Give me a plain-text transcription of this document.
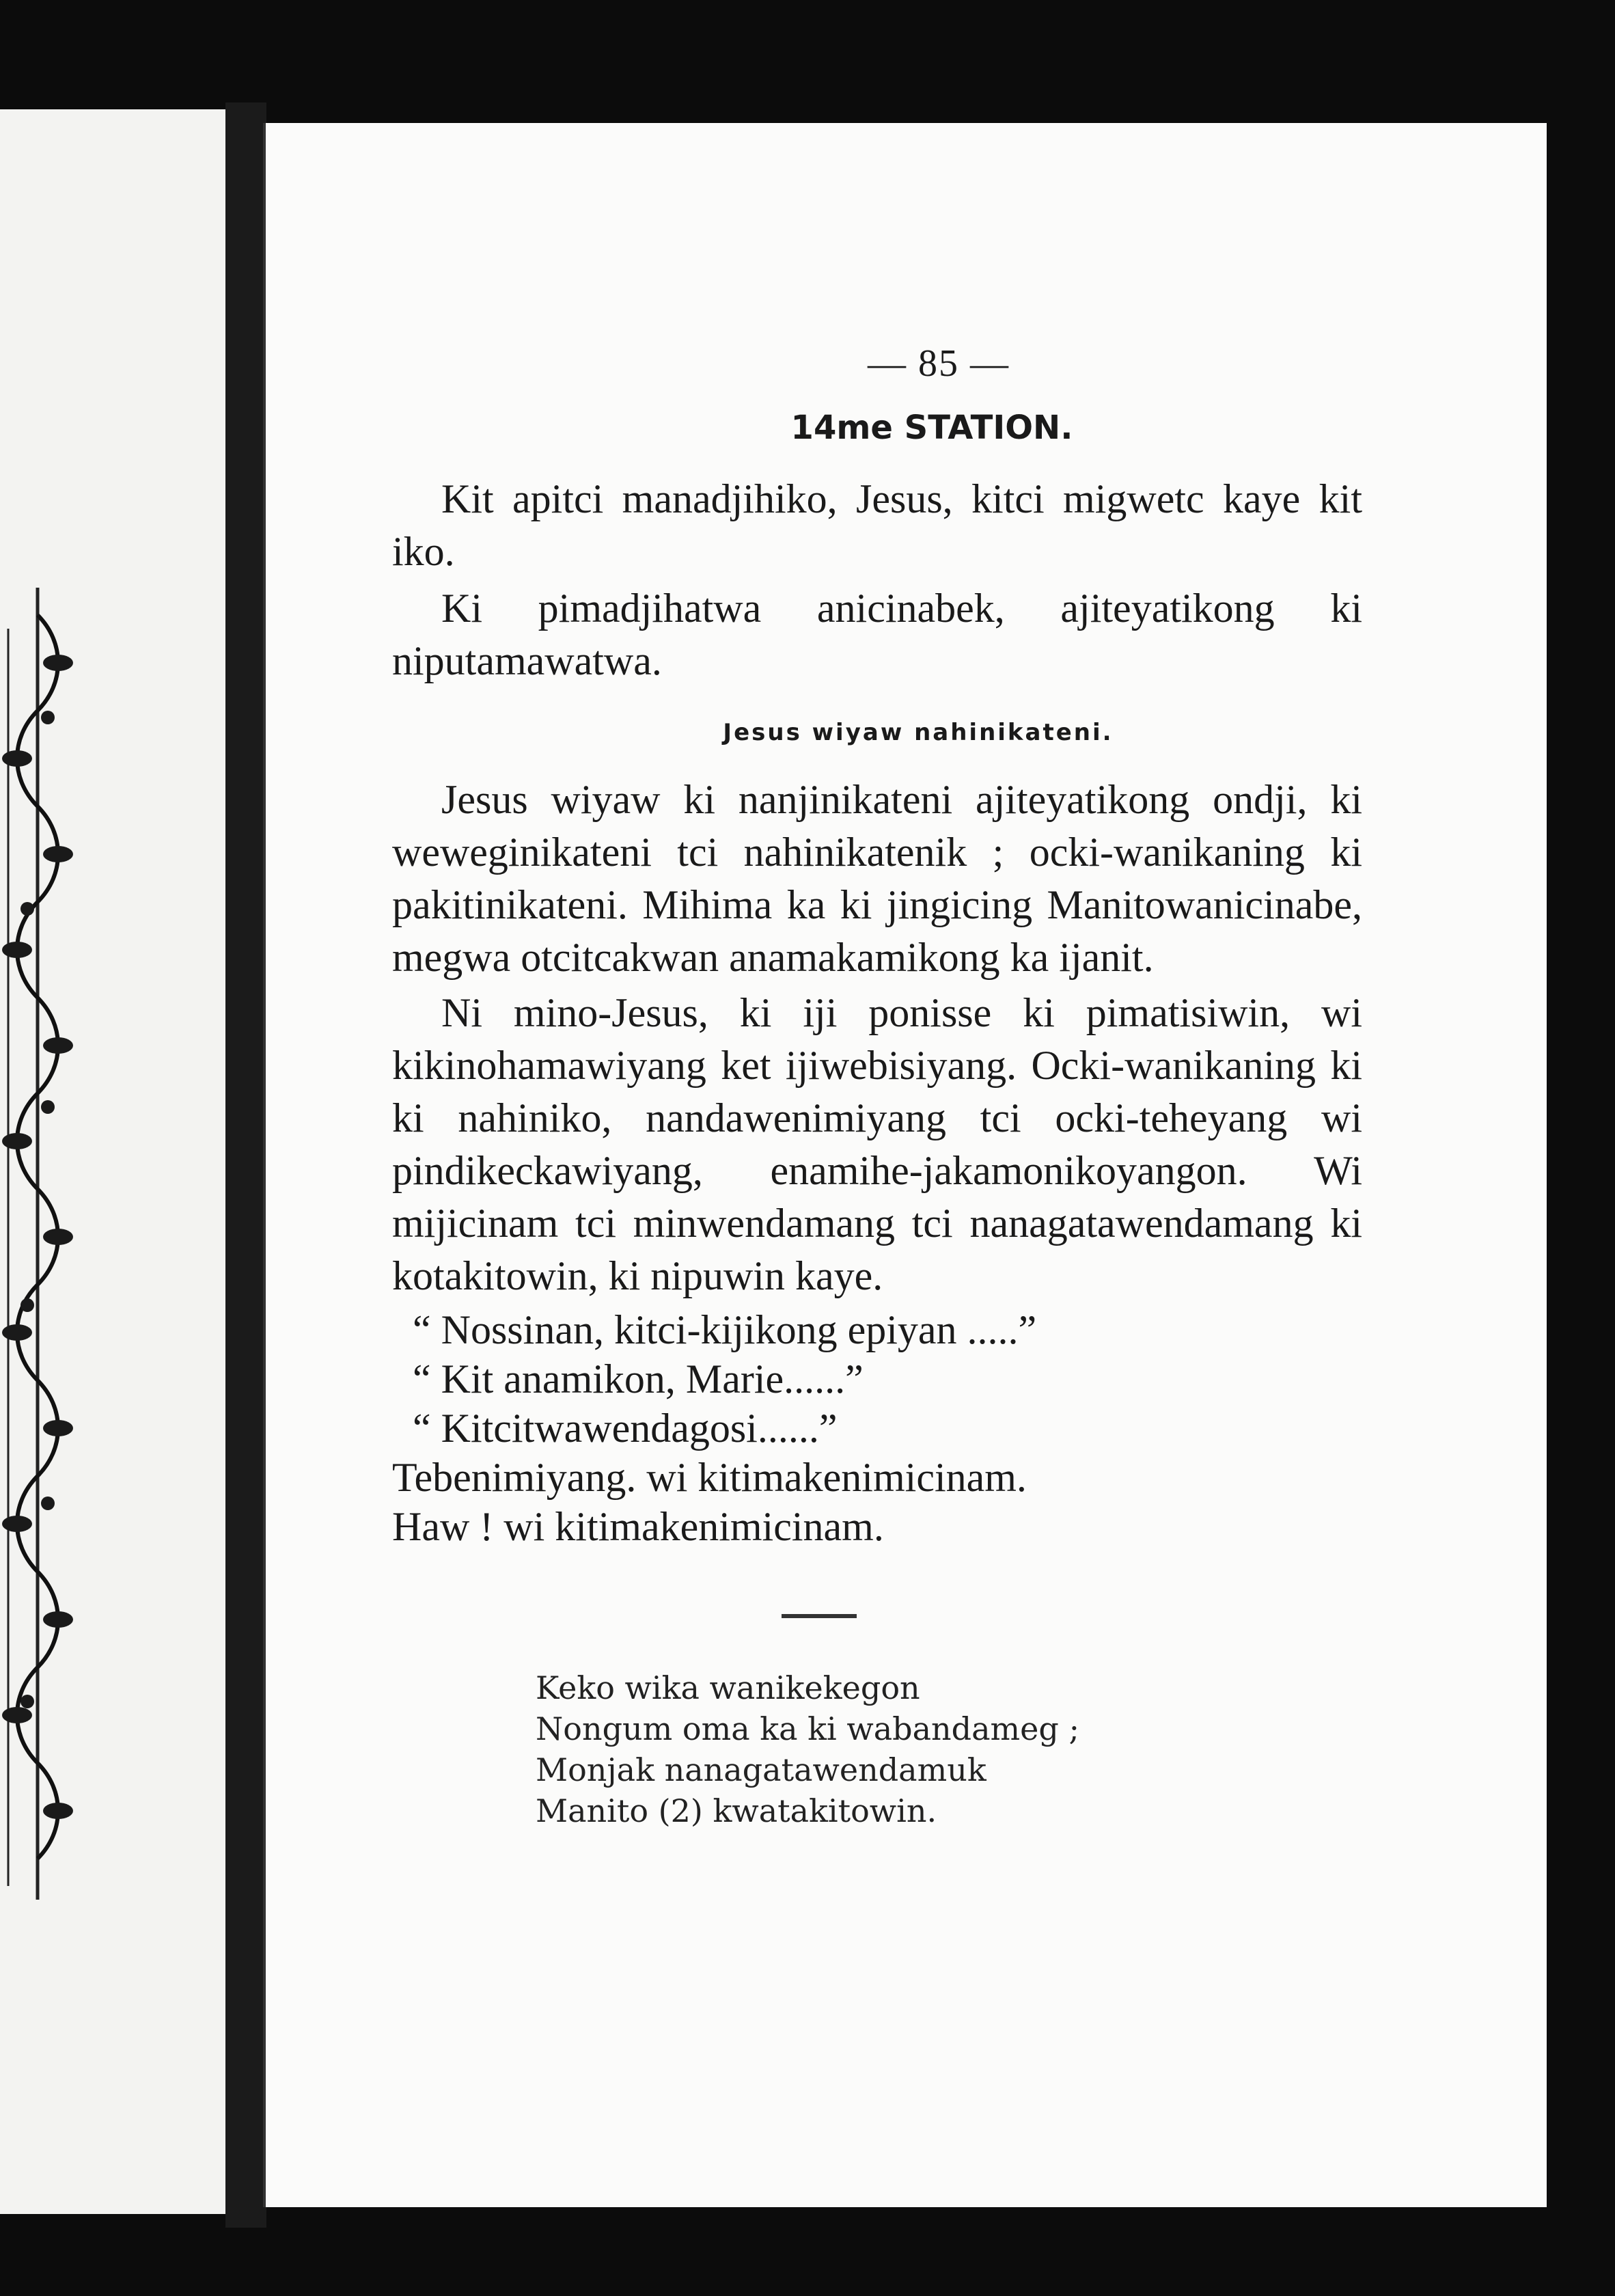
— 85 —

14me STATION.

Kit apitci manadjihiko, Jesus, kitci migwetc kaye kit iko.

Ki pimadjihatwa anicinabek, ajiteyatikong ki niputamawatwa.

Jesus wiyaw nahinikateni.

Jesus wiyaw ki nanjinikateni ajiteyatikong ondji, ki weweginikateni tci nahinikatenik ; ocki-wanikaning ki pakitinikateni. Mihima ka ki jingicing Manitowanicinabe, megwa otcitcakwan anamakamikong ka ijanit.

Ni mino-Jesus, ki iji ponisse ki pimatisiwin, wi kikinohamawiyang ket ijiwebisiyang. Ocki-wanikaning ki ki nahiniko, nandawenimiyang tci ocki-teheyang wi pindikeckawiyang, enamihe-jakamonikoyangon. Wi mijicinam tci minwendamang tci nanagatawendamang ki kotakitowin, ki nipuwin kaye.

“ Nossinan, kitci-kijikong epiyan .....”

“ Kit anamikon, Marie......”

“ Kitcitwawendagosi......”

Tebenimiyang. wi kitimakenimicinam.

Haw ! wi kitimakenimicinam.

Keko wika wanikekegon

Nongum oma ka ki wabandameg ;

Monjak nanagatawendamuk

Manito (2) kwatakitowin.
